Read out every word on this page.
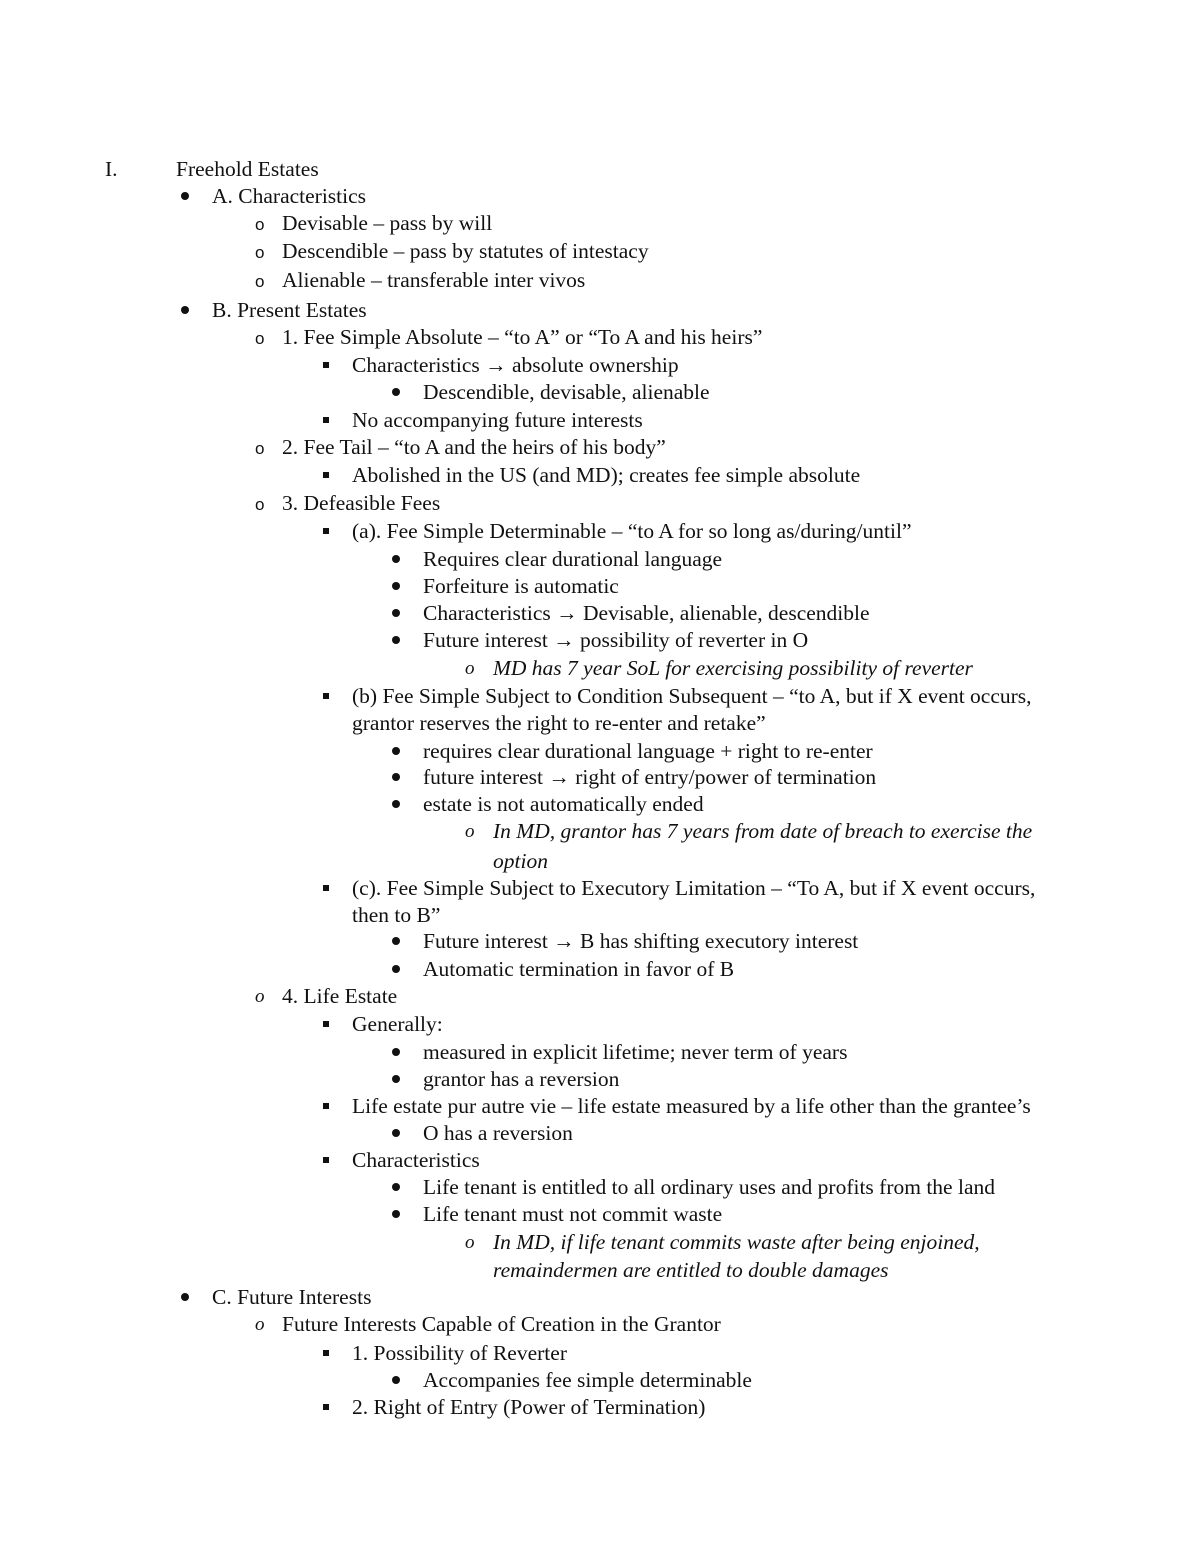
I.	Freehold Estates
A. Characteristics
o Devisable – pass by will
o Descendible – pass by statutes of intestacy
o Alienable – transferable inter vivos
B. Present Estates
o 1. Fee Simple Absolute – “to A” or “To A and his heirs”
Characteristics → absolute ownership
Descendible, devisable, alienable
No accompanying future interests
o 2. Fee Tail – “to A and the heirs of his body”
Abolished in the US (and MD); creates fee simple absolute
o 3. Defeasible Fees
(a). Fee Simple Determinable – “to A for so long as/during/until”
Requires clear durational language
Forfeiture is automatic
Characteristics → Devisable, alienable, descendible
Future interest → possibility of reverter in O
o MD has 7 year SoL for exercising possibility of reverter
(b) Fee Simple Subject to Condition Subsequent – “to A, but if X event occurs,
grantor reserves the right to re-enter and retake”
requires clear durational language + right to re-enter
future interest → right of entry/power of termination
estate is not automatically ended
o In MD, grantor has 7 years from date of breach to exercise the
option
(c). Fee Simple Subject to Executory Limitation – “To A, but if X event occurs,
then to B”
Future interest → B has shifting executory interest
Automatic termination in favor of B
o 4. Life Estate
Generally:
measured in explicit lifetime; never term of years
grantor has a reversion
Life estate pur autre vie – life estate measured by a life other than the grantee’s
O has a reversion
Characteristics
Life tenant is entitled to all ordinary uses and profits from the land
Life tenant must not commit waste
o In MD, if life tenant commits waste after being enjoined,
remaindermen are entitled to double damages
C. Future Interests
o Future Interests Capable of Creation in the Grantor
1. Possibility of Reverter
Accompanies fee simple determinable
2. Right of Entry (Power of Termination)
